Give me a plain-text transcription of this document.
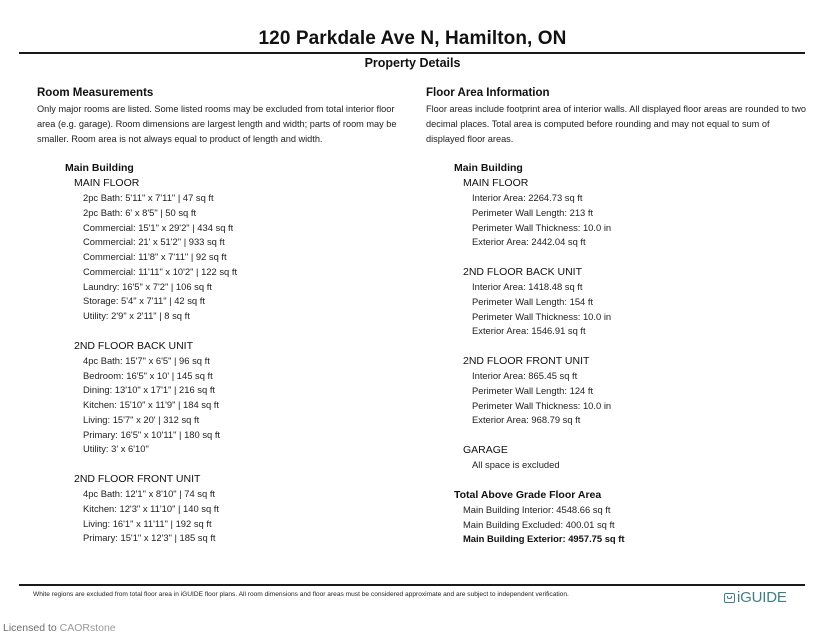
120 Parkdale Ave N, Hamilton, ON
Property Details
Room Measurements
Only major rooms are listed. Some listed rooms may be excluded from total interior floor area (e.g. garage). Room dimensions are largest length and width; parts of room may be smaller. Room area is not always equal to product of length and width.
Main Building
MAIN FLOOR
2pc Bath: 5'11" x 7'11" | 47 sq ft
2pc Bath: 6' x 8'5" | 50 sq ft
Commercial: 15'1" x 29'2" | 434 sq ft
Commercial: 21' x 51'2" | 933 sq ft
Commercial: 11'8" x 7'11" | 92 sq ft
Commercial: 11'11" x 10'2" | 122 sq ft
Laundry: 16'5" x 7'2" | 106 sq ft
Storage: 5'4" x 7'11" | 42 sq ft
Utility: 2'9" x 2'11" | 8 sq ft
2ND FLOOR BACK UNIT
4pc Bath: 15'7" x 6'5" | 96 sq ft
Bedroom: 16'5" x 10' | 145 sq ft
Dining: 13'10" x 17'1" | 216 sq ft
Kitchen: 15'10" x 11'9" | 184 sq ft
Living: 15'7" x 20' | 312 sq ft
Primary: 16'5" x 10'11" | 180 sq ft
Utility: 3' x 6'10"
2ND FLOOR FRONT UNIT
4pc Bath: 12'1" x 8'10" | 74 sq ft
Kitchen: 12'3" x 11'10" | 140 sq ft
Living: 16'1" x 11'11" | 192 sq ft
Primary: 15'1" x 12'3" | 185 sq ft
Floor Area Information
Floor areas include footprint area of interior walls. All displayed floor areas are rounded to two decimal places. Total area is computed before rounding and may not equal to sum of displayed floor areas.
Main Building
MAIN FLOOR
Interior Area: 2264.73 sq ft
Perimeter Wall Length: 213 ft
Perimeter Wall Thickness: 10.0 in
Exterior Area: 2442.04 sq ft
2ND FLOOR BACK UNIT
Interior Area: 1418.48 sq ft
Perimeter Wall Length: 154 ft
Perimeter Wall Thickness: 10.0 in
Exterior Area: 1546.91 sq ft
2ND FLOOR FRONT UNIT
Interior Area: 865.45 sq ft
Perimeter Wall Length: 124 ft
Perimeter Wall Thickness: 10.0 in
Exterior Area: 968.79 sq ft
GARAGE
All space is excluded
Total Above Grade Floor Area
Main Building Interior: 4548.66 sq ft
Main Building Excluded: 400.01 sq ft
Main Building Exterior: 4957.75 sq ft
White regions are excluded from total floor area in iGUIDE floor plans. All room dimensions and floor areas must be considered approximate and are subject to independent verification.	iGUIDE
Licensed to CAORstone
